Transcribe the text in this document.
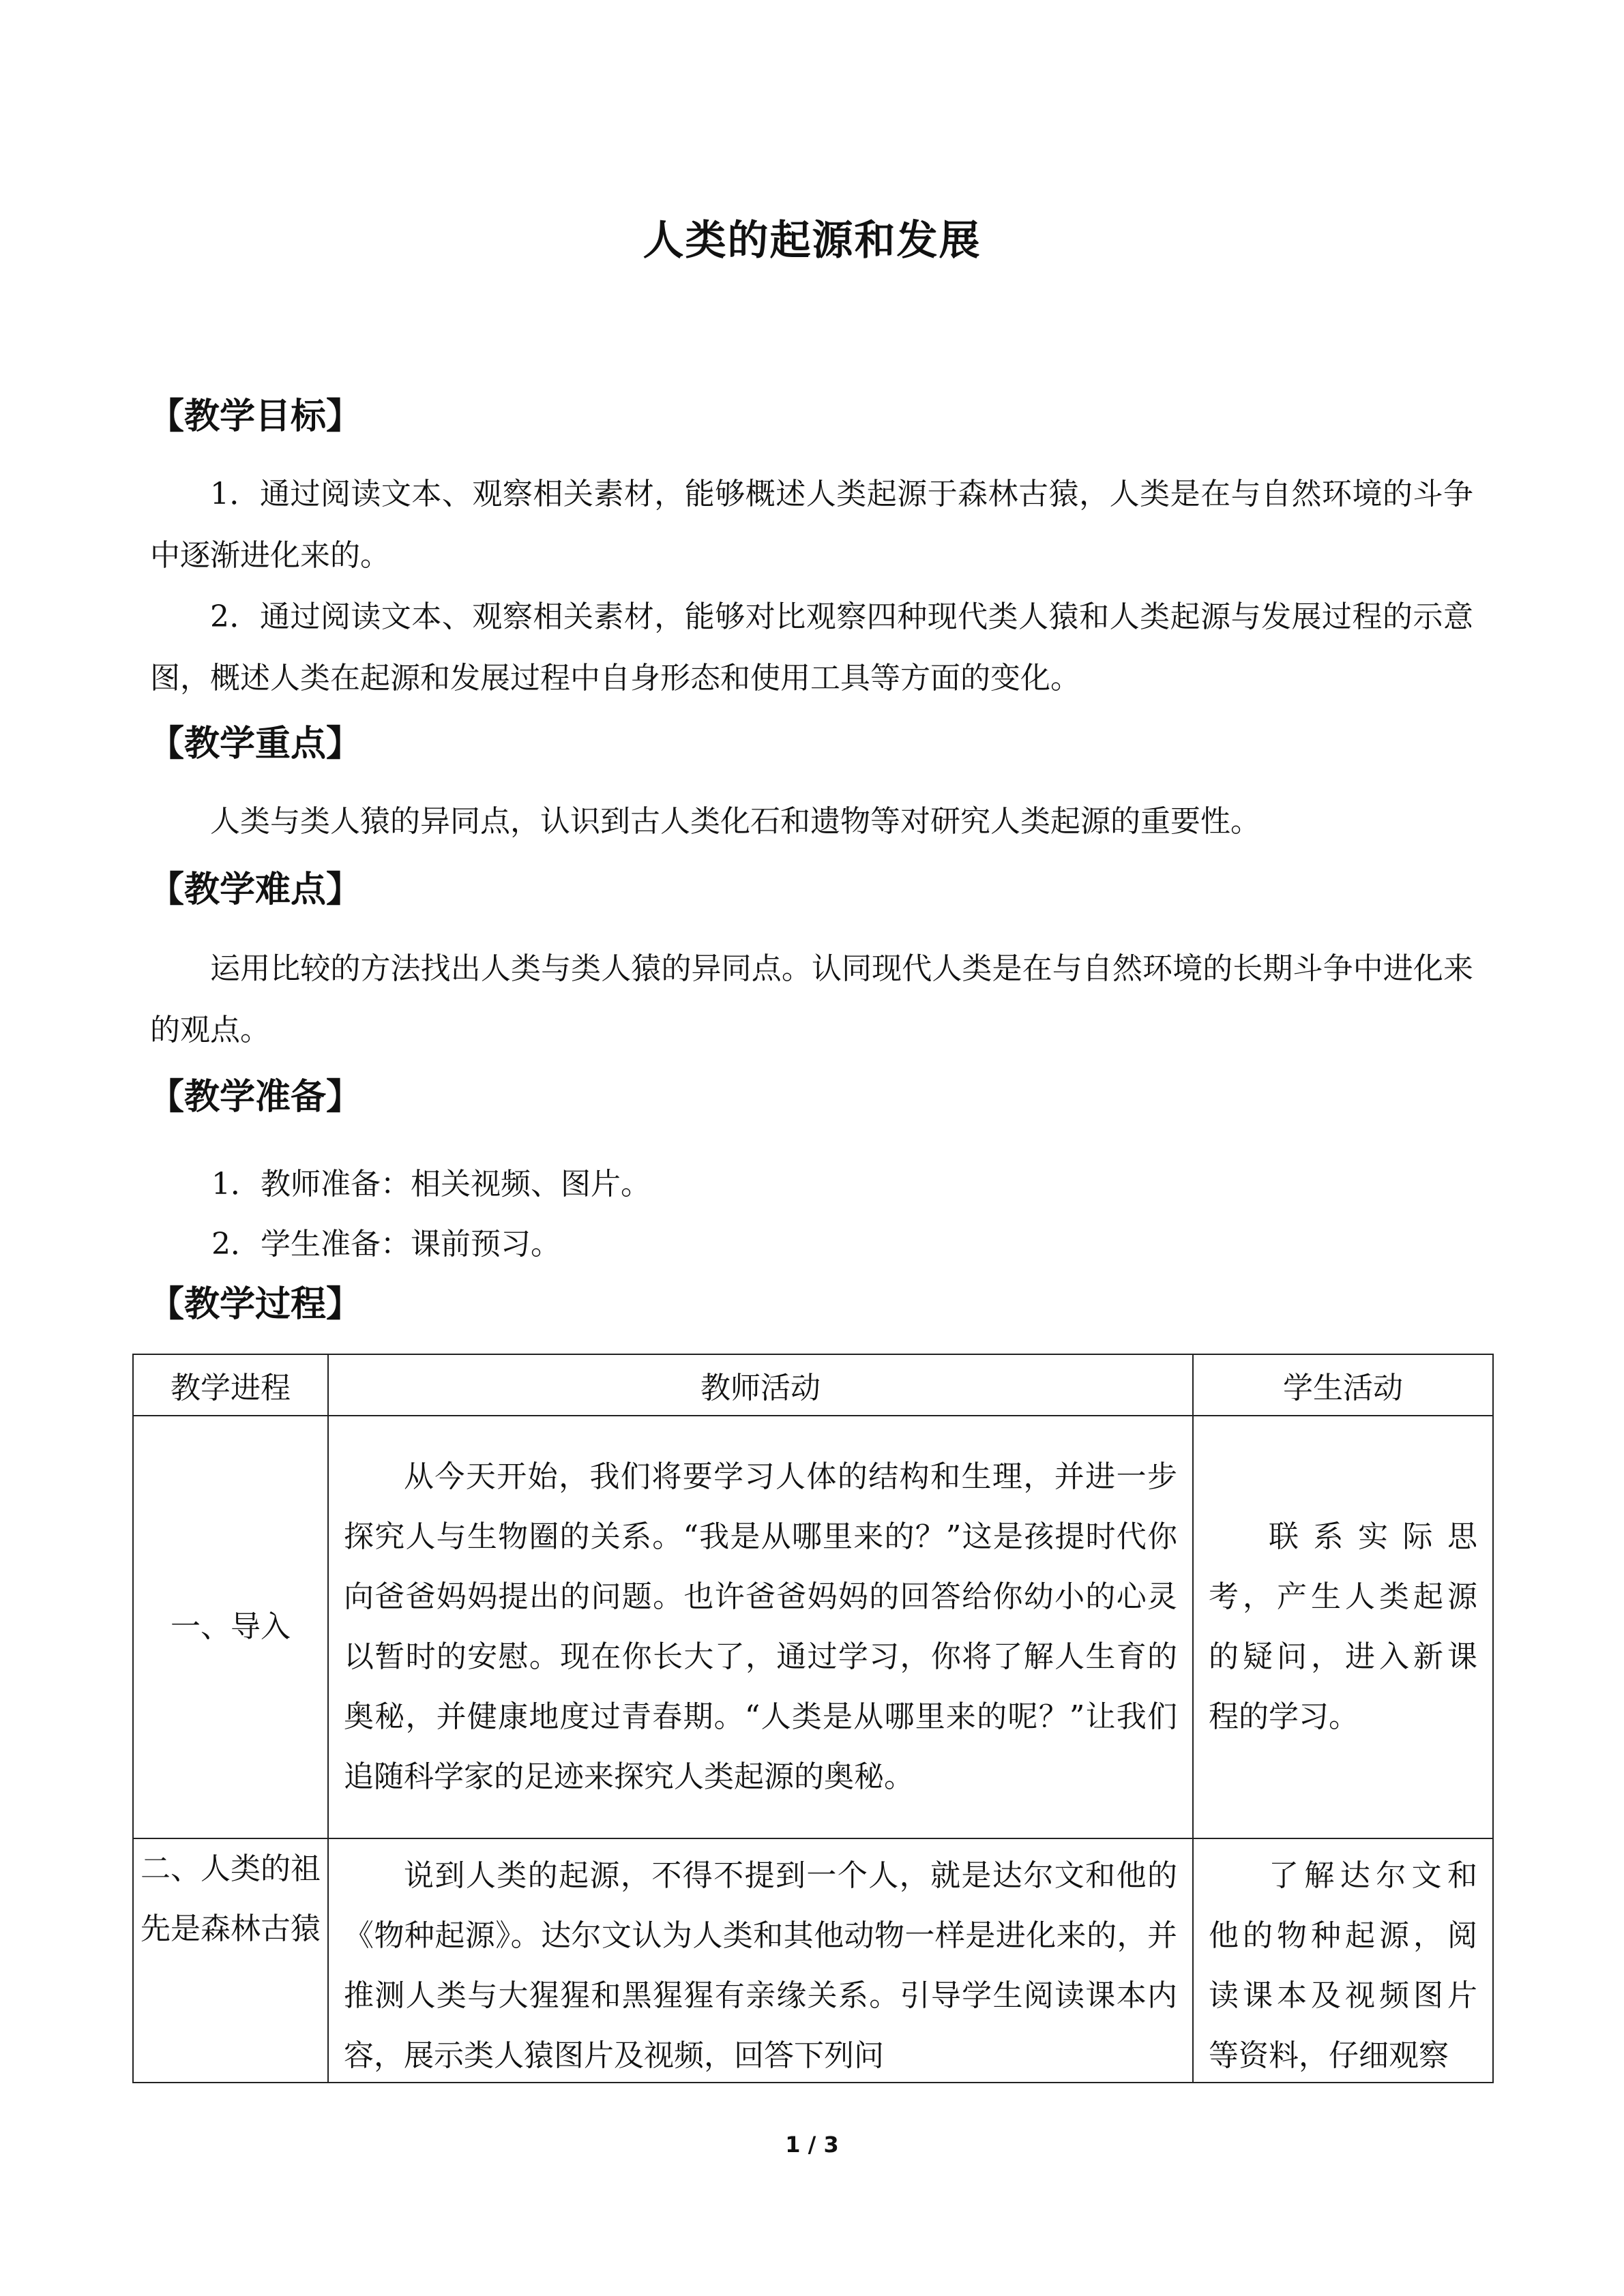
人类的起源和发展
【教学目标】
1．通过阅读文本、观察相关素材，能够概述人类起源于森林古猿，人类是在与自然环境的斗争中逐渐进化来的。
2．通过阅读文本、观察相关素材，能够对比观察四种现代类人猿和人类起源与发展过程的示意图，概述人类在起源和发展过程中自身形态和使用工具等方面的变化。
【教学重点】
人类与类人猿的异同点，认识到古人类化石和遗物等对研究人类起源的重要性。
【教学难点】
运用比较的方法找出人类与类人猿的异同点。认同现代人类是在与自然环境的长期斗争中进化来的观点。
【教学准备】
1．教师准备：相关视频、图片。
2．学生准备：课前预习。
【教学过程】
教学进程	教师活动	学生活动
一、导入	从今天开始，我们将要学习人体的结构和生理，并进一步探究人与生物圈的关系。“我是从哪里来的？”这是孩提时代你向爸爸妈妈提出的问题。也许爸爸妈妈的回答给你幼小的心灵以暂时的安慰。现在你长大了，通过学习，你将了解人生育的奥秘，并健康地度过青春期。“人类是从哪里来的呢？”让我们追随科学家的足迹来探究人类起源的奥秘。	联系实际思考，产生人类起源的疑问，进入新课程的学习。

二、人类的祖先是森林古猿	说到人类的起源，不得不提到一个人，就是达尔文和他的《物种起源》。达尔文认为人类和其他动物一样是进化来的，并推测人类与大猩猩和黑猩猩有亲缘关系。引导学生阅读课本内容，展示类人猿图片及视频，回答下列问	了解达尔文和他的物种起源，阅读课本及视频图片等资料，仔细观察
1 / 3
